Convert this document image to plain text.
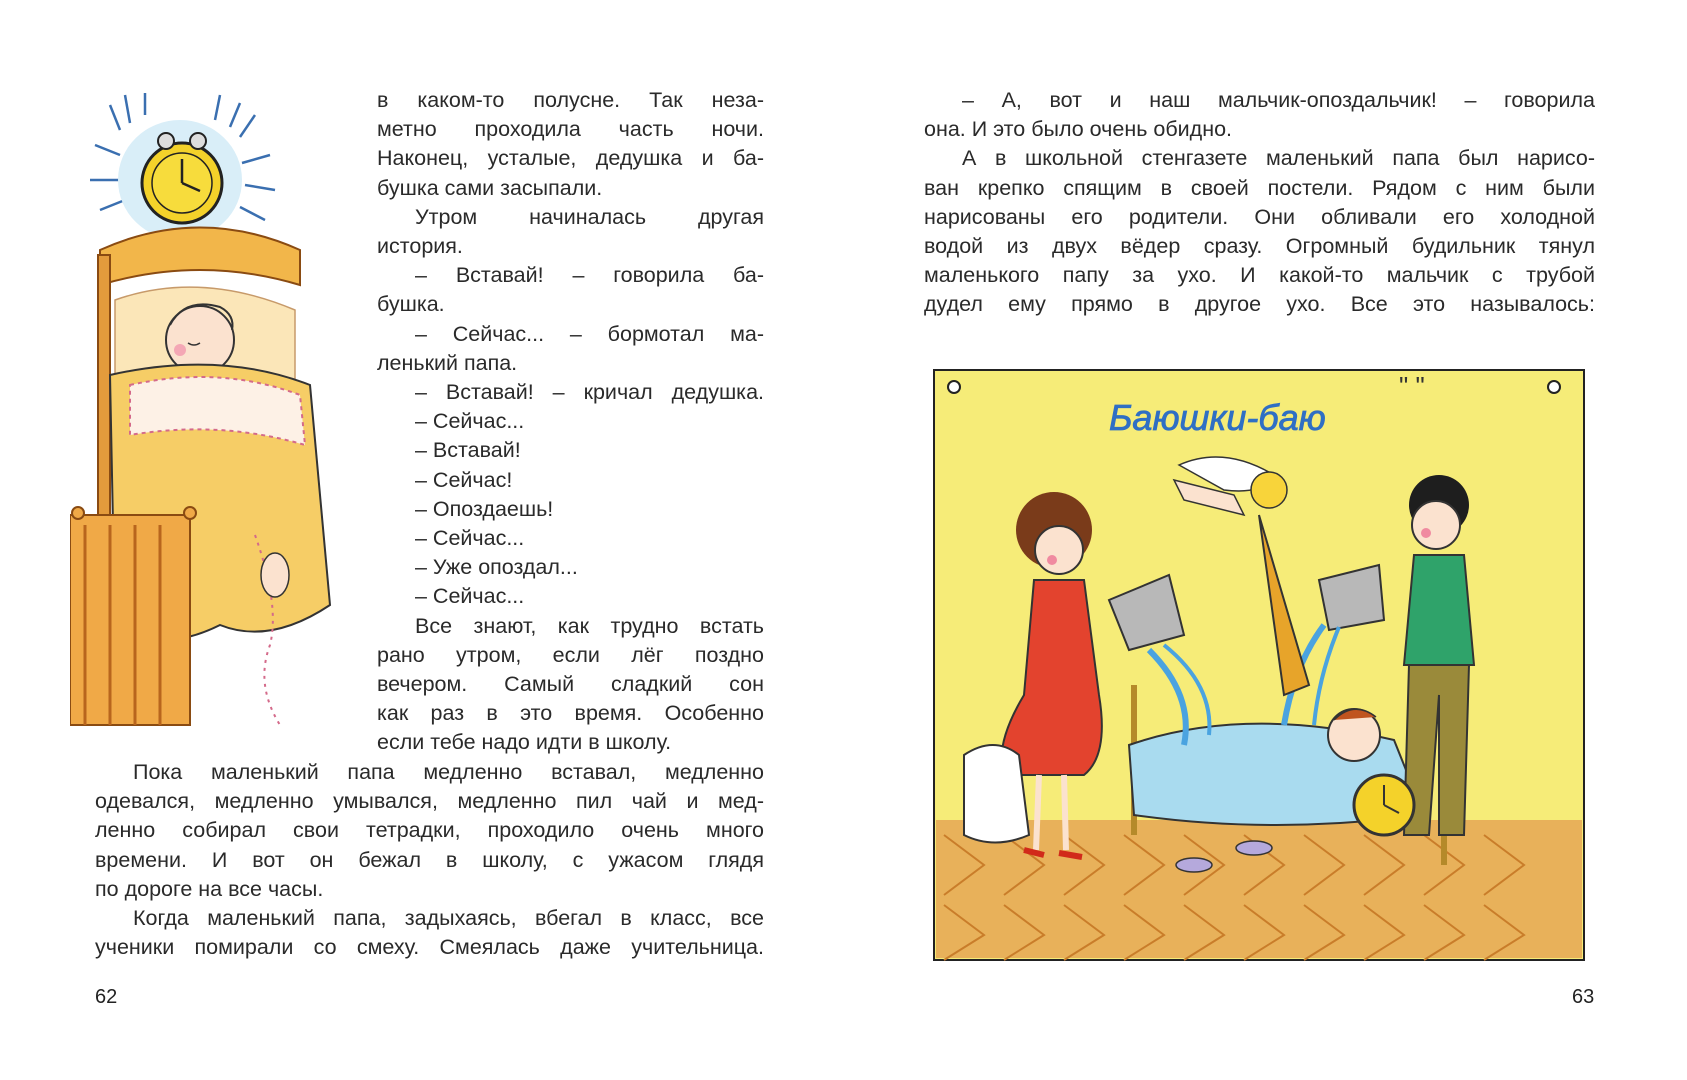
в каком-то полусне. Так неза-

метно проходила часть ночи.

Наконец, усталые, дедушка и ба-

бушка сами засыпали.

Утром начиналась другая

история.

– Вставай! – говорила ба-

бушка.

– Сейчас... – бормотал ма-

ленький папа.

– Вставай! – кричал дедушка.

– Сейчас...

– Вставай!

– Сейчас!

– Опоздаешь!

– Сейчас...

– Уже опоздал...

– Сейчас...

Все знают, как трудно встать

рано утром, если лёг поздно

вечером. Самый сладкий сон

как раз в это время. Особенно

если тебе надо идти в школу.

Пока маленький папа медленно вставал, медленно

одевался, медленно умывался, медленно пил чай и мед-

ленно собирал свои тетрадки, проходило очень много

времени. И вот он бежал в школу, с ужасом глядя

по дороге на все часы.

Когда маленький папа, задыхаясь, вбегал в класс, все

ученики помирали со смеху. Смеялась даже учительница.

62

– А, вот и наш мальчик-опоздальчик! – говорила

она. И это было очень обидно.

А в школьной стенгазете маленький папа был нарисо-

ван крепко спящим в своей постели. Рядом с ним были

нарисованы его родители. Они обливали его холодной

водой из двух вёдер сразу. Огромный будильник тянул

маленького папу за ухо. И какой-то мальчик с трубой

дудел ему прямо в другое ухо. Все это называлось:

Баюшки-баю
" "
63
